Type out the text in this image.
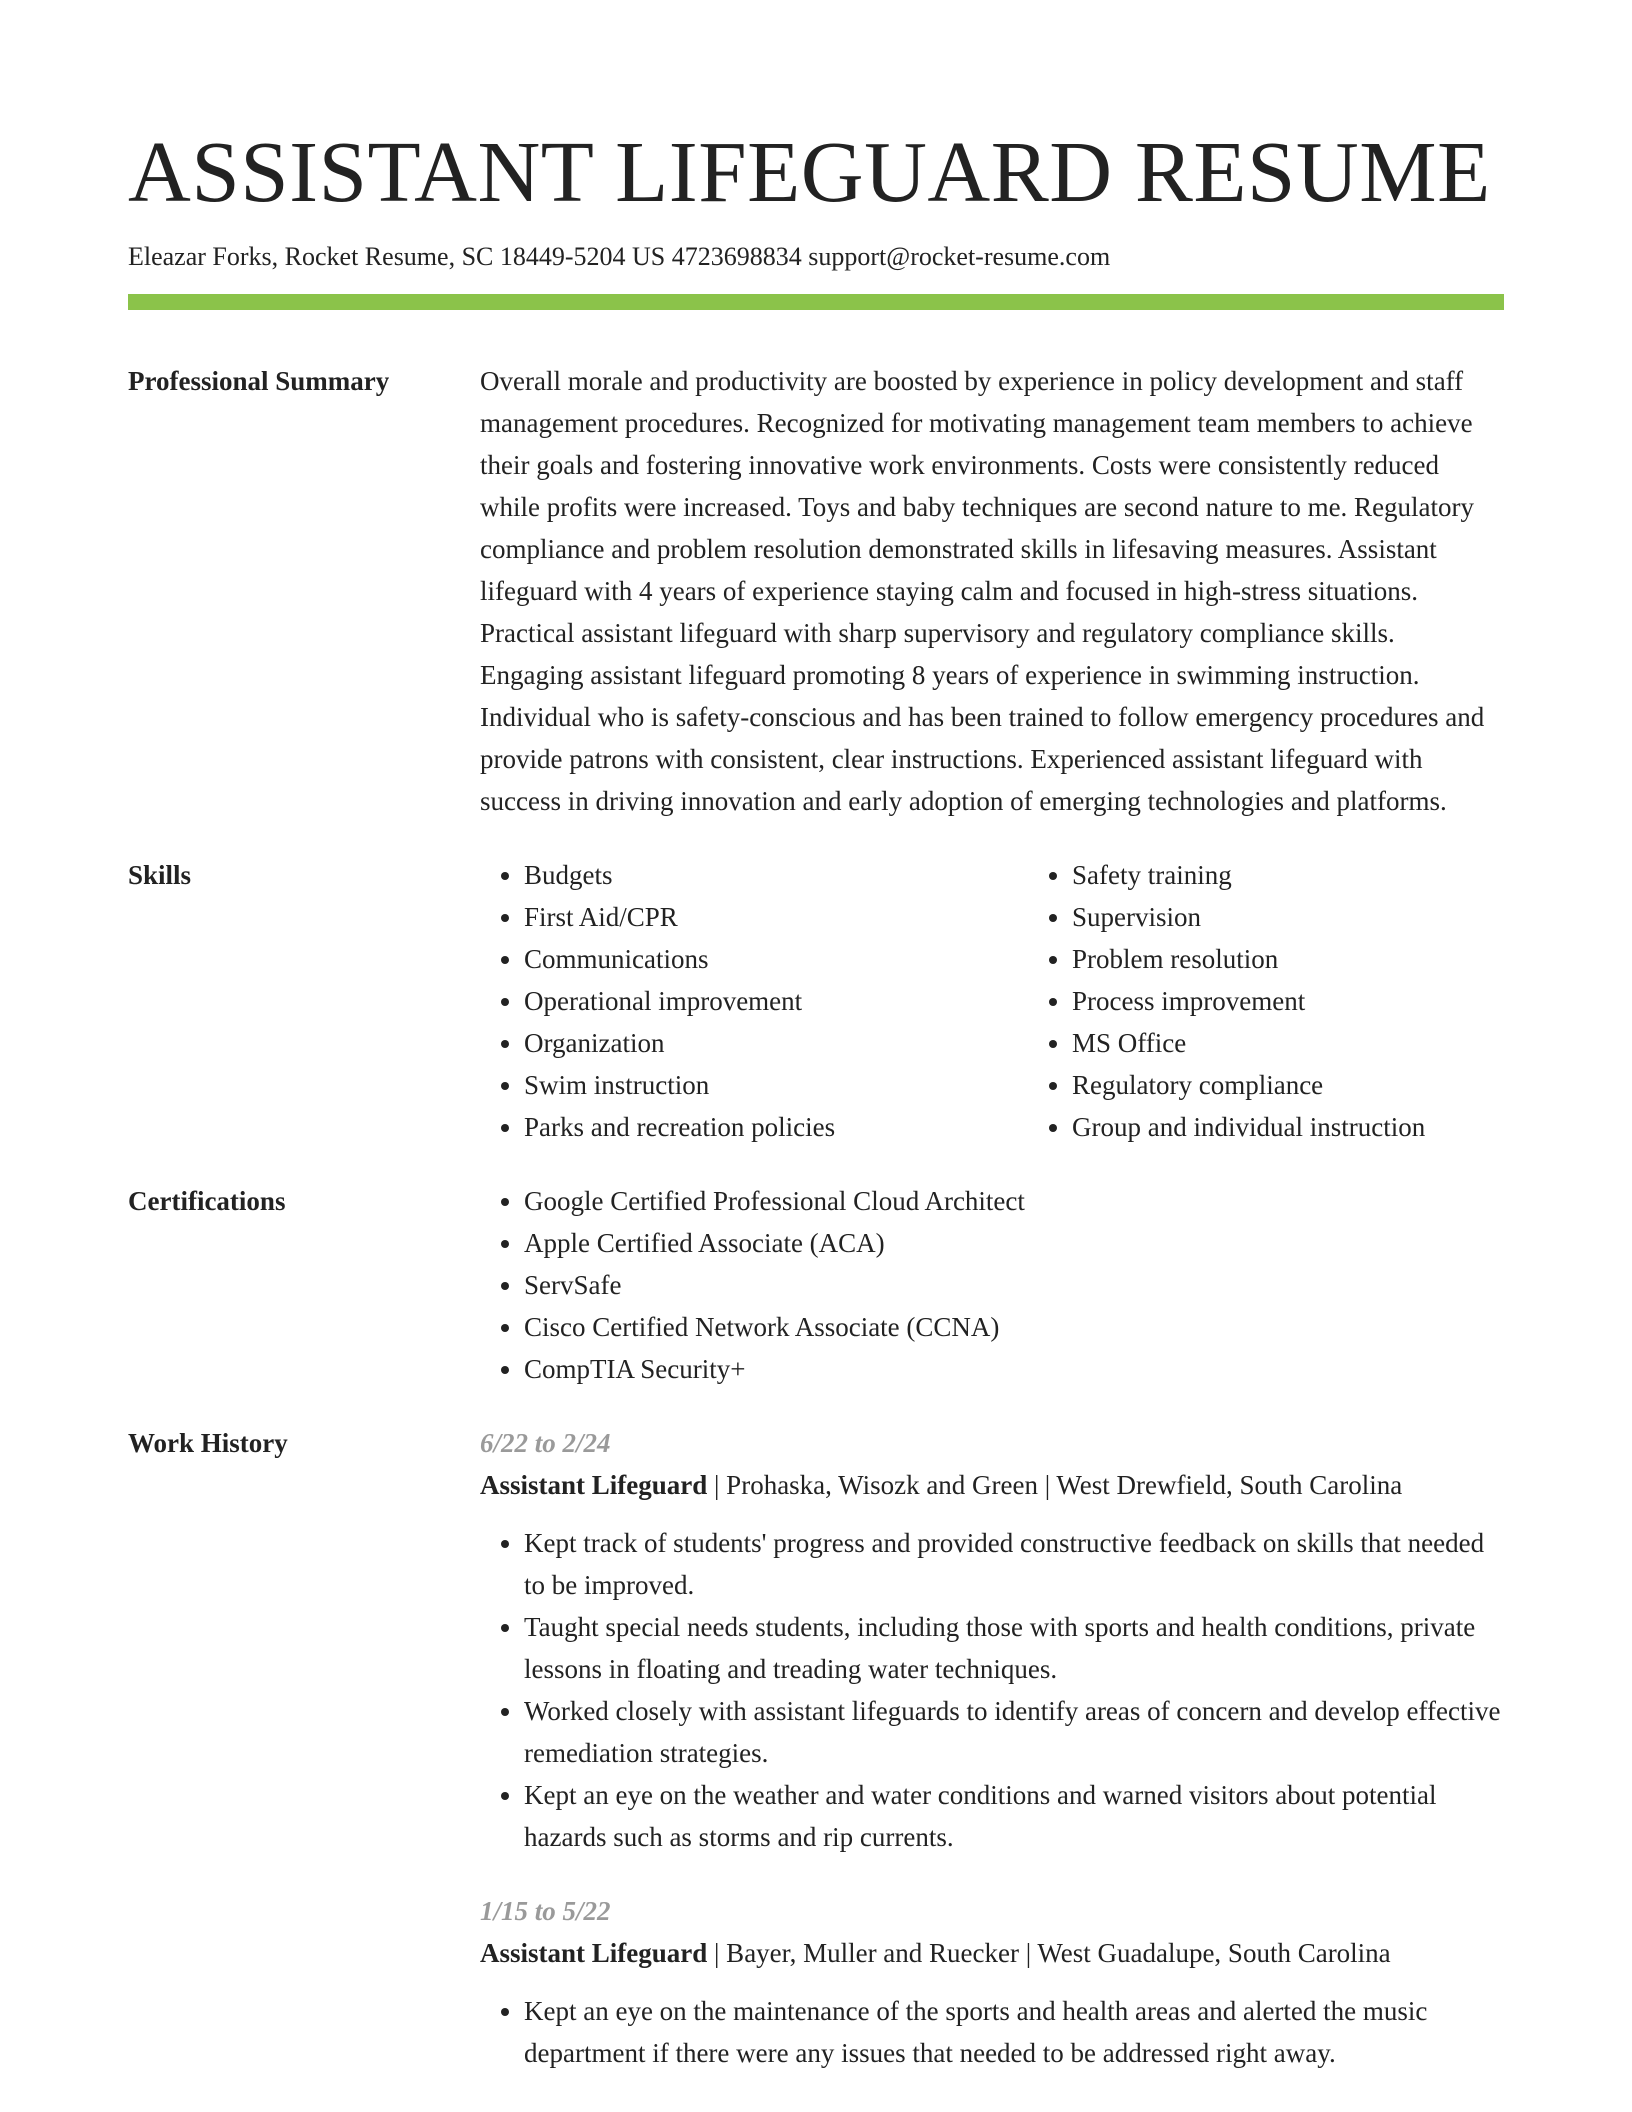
ASSISTANT LIFEGUARD RESUME
Eleazar Forks, Rocket Resume, SC 18449-5204 US 4723698834 support@rocket-resume.com
Professional Summary	Overall morale and productivity are boosted by experience in policy development and staff management procedures. Recognized for motivating management team members to achieve their goals and fostering innovative work environments. Costs were consistently reduced while profits were increased. Toys and baby techniques are second nature to me. Regulatory compliance and problem resolution demonstrated skills in lifesaving measures. Assistant lifeguard with 4 years of experience staying calm and focused in high-stress situations. Practical assistant lifeguard with sharp supervisory and regulatory compliance skills. Engaging assistant lifeguard promoting 8 years of experience in swimming instruction. Individual who is safety-conscious and has been trained to follow emergency procedures and provide patrons with consistent, clear instructions. Experienced assistant lifeguard with success in driving innovation and early adoption of emerging technologies and platforms.
Skills	• Budgets
• First Aid/CPR
• Communications
• Operational improvement
• Organization
• Swim instruction
• Parks and recreation policies
• Safety training
• Supervision
• Problem resolution
• Process improvement
• MS Office
• Regulatory compliance
• Group and individual instruction
Certifications	• Google Certified Professional Cloud Architect
• Apple Certified Associate (ACA)
• ServSafe
• Cisco Certified Network Associate (CCNA)
• CompTIA Security+
Work History	6/22 to 2/24
Assistant Lifeguard | Prohaska, Wisozk and Green | West Drewfield, South Carolina
• Kept track of students' progress and provided constructive feedback on skills that needed to be improved.
• Taught special needs students, including those with sports and health conditions, private lessons in floating and treading water techniques.
• Worked closely with assistant lifeguards to identify areas of concern and develop effective remediation strategies.
• Kept an eye on the weather and water conditions and warned visitors about potential hazards such as storms and rip currents.
1/15 to 5/22
Assistant Lifeguard | Bayer, Muller and Ruecker | West Guadalupe, South Carolina
• Kept an eye on the maintenance of the sports and health areas and alerted the music department if there were any issues that needed to be addressed right away.
